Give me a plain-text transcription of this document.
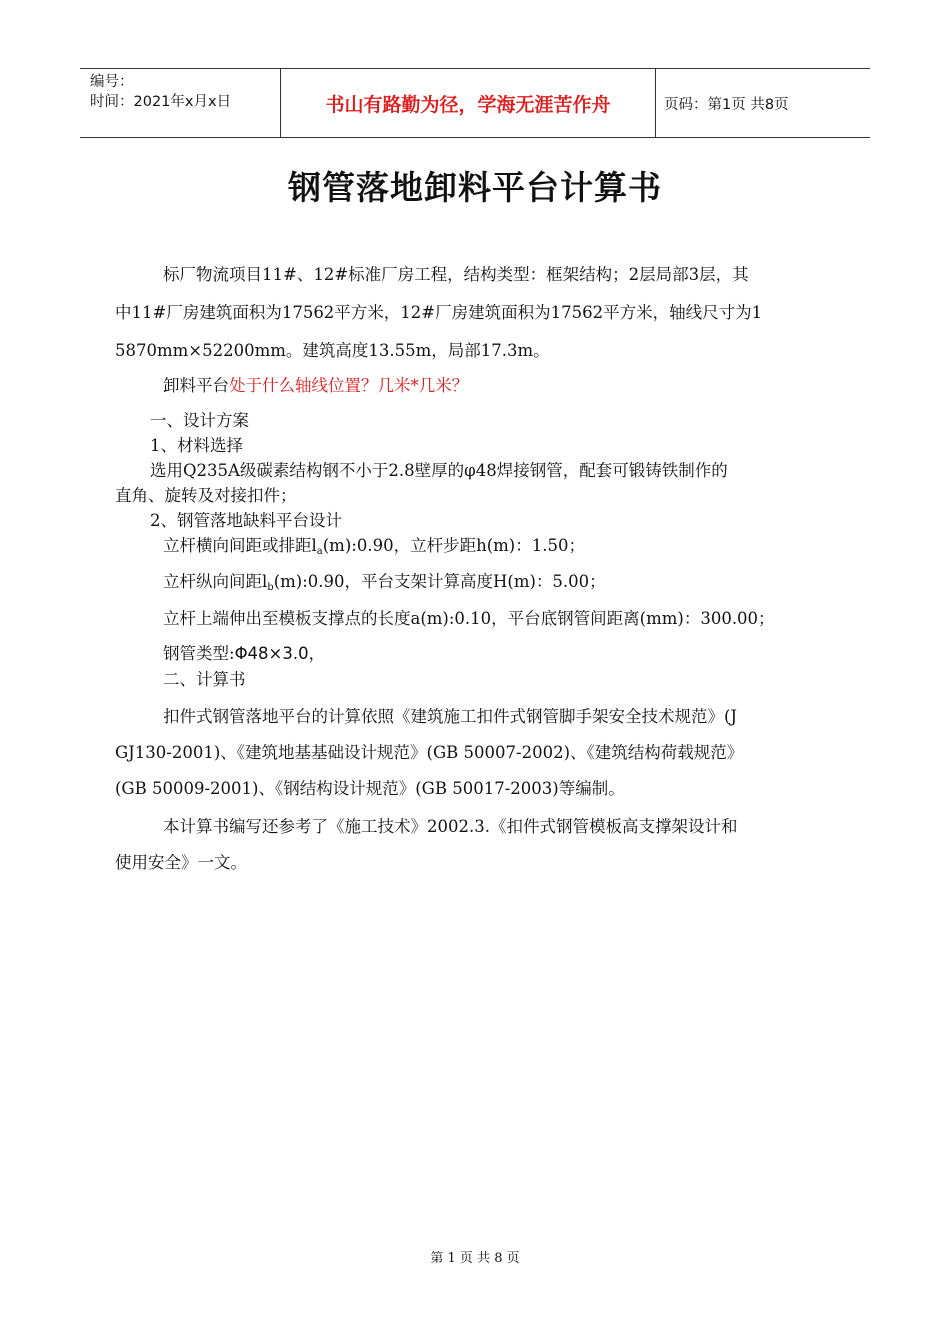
编号：
时间：2021年x月x日	书山有路勤为径，学海无涯苦作舟	页码：第1页 共8页
钢管落地卸料平台计算书
标厂物流项目11#、12#标准厂房工程，结构类型：框架结构；2层局部3层，其
中11#厂房建筑面积为17562平方米，12#厂房建筑面积为17562平方米，轴线尺寸为1
5870mm×52200mm。建筑高度13.55m，局部17.3m。
卸料平台处于什么轴线位置？几米*几米？
一、设计方案
1、材料选择
选用Q235A级碳素结构钢不小于2.8壁厚的φ48焊接钢管，配套可锻铸铁制作的
直角、旋转及对接扣件；
2、钢管落地缺料平台设计
立杆横向间距或排距$l_a(m):0.90$，立杆步距h(m)：1.50；
立杆纵向间距$l_b(m):0.90$，平台支架计算高度H(m)：5.00；
立杆上端伸出至模板支撑点的长度a(m):0.10，平台底钢管间距离(mm)：300.00；
钢管类型:Φ48×3.0，
二、计算书
扣件式钢管落地平台的计算依照《建筑施工扣件式钢管脚手架安全技术规范》(J
GJ130-2001)、《建筑地基基础设计规范》(GB 50007-2002)、《建筑结构荷载规范》
(GB 50009-2001)、《钢结构设计规范》(GB 50017-2003)等编制。
本计算书编写还参考了《施工技术》2002.3.《扣件式钢管模板高支撑架设计和
使用安全》一文。
第 1 页 共 8 页
